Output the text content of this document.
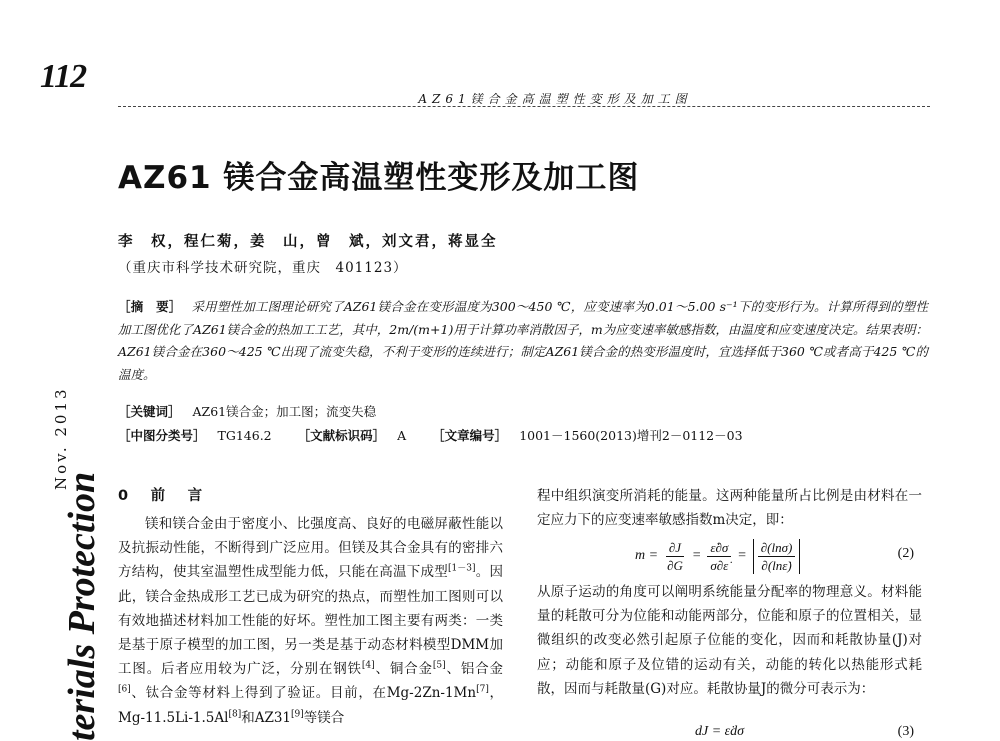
112
AZ61镁合金高温塑性变形及加工图
AZ61 镁合金高温塑性变形及加工图
李　权，程仁菊，姜　山，曾　斌，刘文君，蒋显全
（重庆市科学技术研究院，重庆　401123）

［摘　要］ 采用塑性加工图理论研究了AZ61镁合金在变形温度为300～450 ℃，应变速率为0.01～5.00 s⁻¹下的变形行为。计算所得到的塑性加工图优化了AZ61镁合金的热加工工艺，其中，2m/(m+1)用于计算功率消散因子，m为应变速率敏感指数，由温度和应变速度决定。结果表明：AZ61镁合金在360～425 ℃出现了流变失稳，不利于变形的连续进行；制定AZ61镁合金的热变形温度时，宜选择低于360 ℃或者高于425 ℃的温度。

［关键词］ AZ61镁合金；加工图；流变失稳
［中图分类号］ TG146.2 ［文献标识码］ A ［文章编号］ 1001－1560(2013)增刊2－0112－03
Nov. 2013
terials Protection 0　前　言

镁和镁合金由于密度小、比强度高、良好的电磁屏蔽性能以及抗振动性能，不断得到广泛应用。但镁及其合金具有的密排六方结构，使其室温塑性成型能力低，只能在高温下成型[1－3]。因此，镁合金热成形工艺已成为研究的热点，而塑性加工图则可以有效地描述材料加工性能的好坏。塑性加工图主要有两类：一类是基于原子模型的加工图，另一类是基于动态材料模型DMM加工图。后者应用较为广泛，分别在钢铁[4]、铜合金[5]、铝合金[6]、钛合金等材料上得到了验证。目前，在Mg-2Zn-1Mn[7]，Mg-11.5Li-1.5Al[8]和AZ31[9]等镁合

程中组织演变所消耗的能量。这两种能量所占比例是由材料在一定应力下的应变速率敏感指数m决定，即：

$m = \frac{\partial J}{\partial G} = \frac{\varepsiloṅ\partial\sigma}{\sigma\partial\varepsiloṅ} = \frac{\partial(\ln\sigma)}{\partial(\ln\varepsiloṅ)}$	(2)

从原子运动的角度可以阐明系统能量分配率的物理意义。材料能量的耗散可分为位能和动能两部分，位能和原子的位置相关，显微组织的改变必然引起原子位能的变化，因而和耗散协量(J)对应；动能和原子及位错的运动有关，动能的转化以热能形式耗散，因而与耗散量(G)对应。耗散协量J的微分可表示为：

dJ = ε̇dσ	(3)
